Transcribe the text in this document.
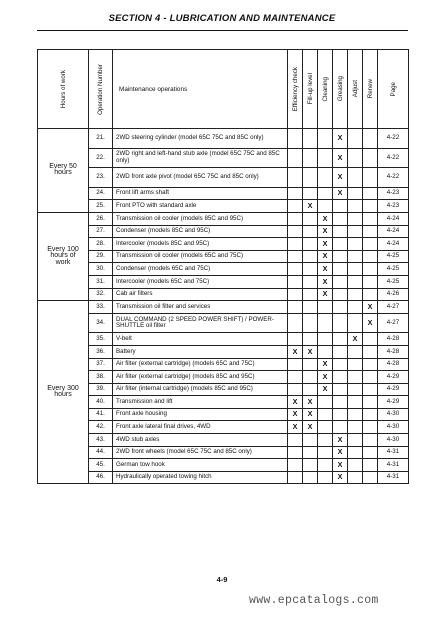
SECTION 4 - LUBRICATION AND MAINTENANCE
Hours of work	Operation Number	Maintenance operations	Efficiency check	Fill-up level	Cleaning	Greasing	Adjust	Renew	Page

Every 50
hours	21.	2WD steering cylinder (model 65C 75C and 85C only)				X			4-22
	22.	2WD right and left-hand stub axle (model 65C 75C and 85C only)				X			4-22
	23.	2WD front axle pivot (model 65C 75C and 85C only)				X			4-22
	24.	Front lift arms shaft				X			4-23
	25.	Front PTO with standard axle		X					4-23
Every 100
hours of
work	26.	Transmission oil cooler (models 85C and 95C)			X				4-24
	27.	Condenser (models 85C and 95C)			X				4-24
	28.	Intercooler (models 85C and 95C)			X				4-24
	29.	Transmission oil cooler (models 65C and 75C)			X				4-25
	30.	Condenser (models 65C and 75C)			X				4-25
	31.	Intercooler (models 65C and 75C)			X				4-25
	32.	Cab air filters			X				4-26
Every 300
hours	33.	Transmission oil filter and services						X	4-27
	34.	DUAL COMMAND (2 SPEED POWER SHIFT) / POWER-SHUTTLE oil filter						X	4-27
	35.	V-belt					X		4-28
	36.	Battery	X	X					4-28
	37.	Air filter (external cartridge) (models 65C and 75C)			X				4-28
	38.	Air filter (external cartridge) (models 85C and 95C)			X				4-29
	39.	Air filter (internal cartridge) (models 85C and 95C)			X				4-29
	40.	Transmission and lift	X	X					4-29
	41.	Front axle housing	X	X					4-30
	42.	Front axle lateral final drives, 4WD	X	X					4-30
	43.	4WD stub axles				X			4-30
	44.	2WD front wheels (model 65C 75C and 85C only)				X			4-31
	45.	German tow hook				X			4-31
	46.	Hydraulically operated towing hitch				X			4-31
4-9
www.epcatalogs.com
